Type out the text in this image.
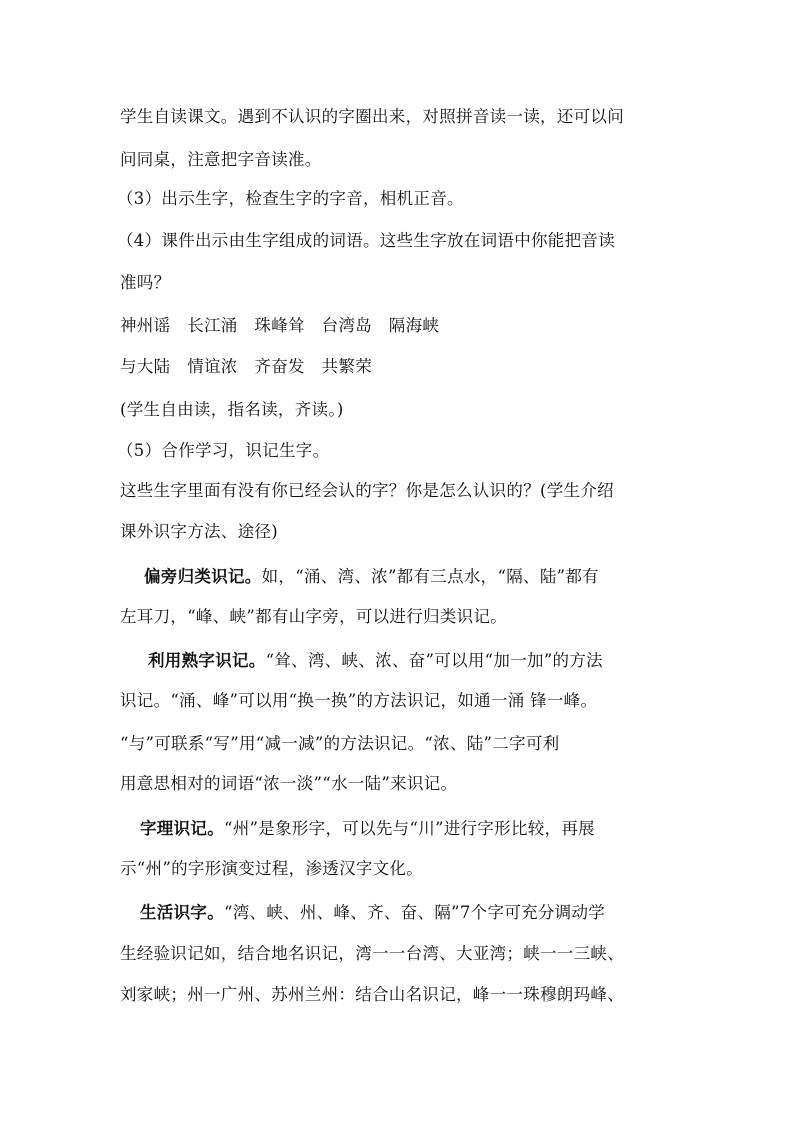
学生自读课文。遇到不认识的字圈出来，对照拼音读一读，还可以问
问同桌，注意把字音读准。
（3）出示生字，检查生字的字音，相机正音。
（4）课件出示由生字组成的词语。这些生字放在词语中你能把音读
准吗？
神州谣　长江涌　珠峰耸　台湾岛　隔海峡
与大陆　情谊浓　齐奋发　共繁荣
(学生自由读，指名读，齐读。)
（5）合作学习，识记生字。
这些生字里面有没有你已经会认的字？你是怎么认识的？(学生介绍
课外识字方法、途径)
偏旁归类识记。如，“涌、湾、浓”都有三点水，“隔、陆”都有
左耳刀，“峰、峡”都有山字旁，可以进行归类识记。
利用熟字识记。“耸、湾、峡、浓、奋”可以用“加一加”的方法
识记。“涌、峰”可以用“换一换”的方法识记，如通一涌 锋一峰。
“与”可联系“写”用“减一减”的方法识记。“浓、陆”二字可利
用意思相对的词语“浓一淡”“水一陆”来识记。
字理识记。“州”是象形字，可以先与“川”进行字形比较，再展
示“州”的字形演变过程，渗透汉字文化。
生活识字。“湾、峡、州、峰、齐、奋、隔”7个字可充分调动学
生经验识记如，结合地名识记，湾一一台湾、大亚湾；峡一一三峡、
刘家峡；州一广州、苏州兰州：结合山名识记，峰一一珠穆朗玛峰、
